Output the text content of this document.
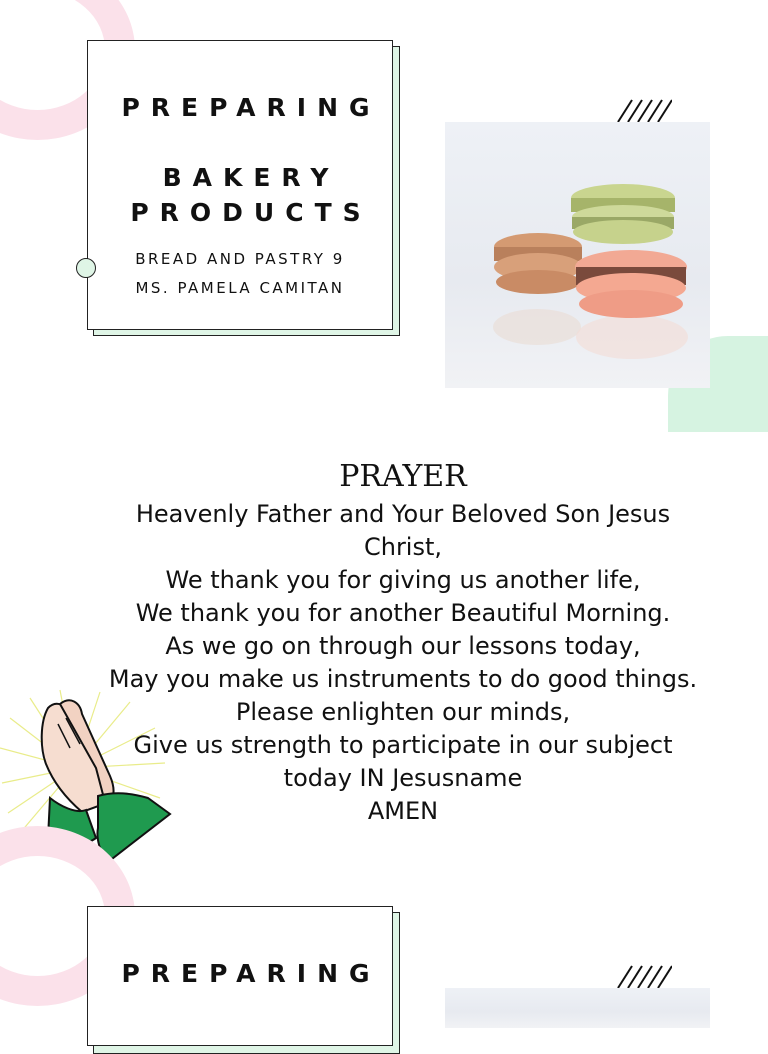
PREPARING
BAKERY
PRODUCTS
BREAD AND PASTRY 9
MS. PAMELA CAMITAN
PRAYER
Heavenly Father and Your Beloved Son Jesus
Christ,
We thank you for giving us another life,
We thank you for another Beautiful Morning.
As we go on through our lessons today,
May you make us instruments to do good things.
Please enlighten our minds,
Give us strength to participate in our subject
today IN Jesusname
AMEN
PREPARING
